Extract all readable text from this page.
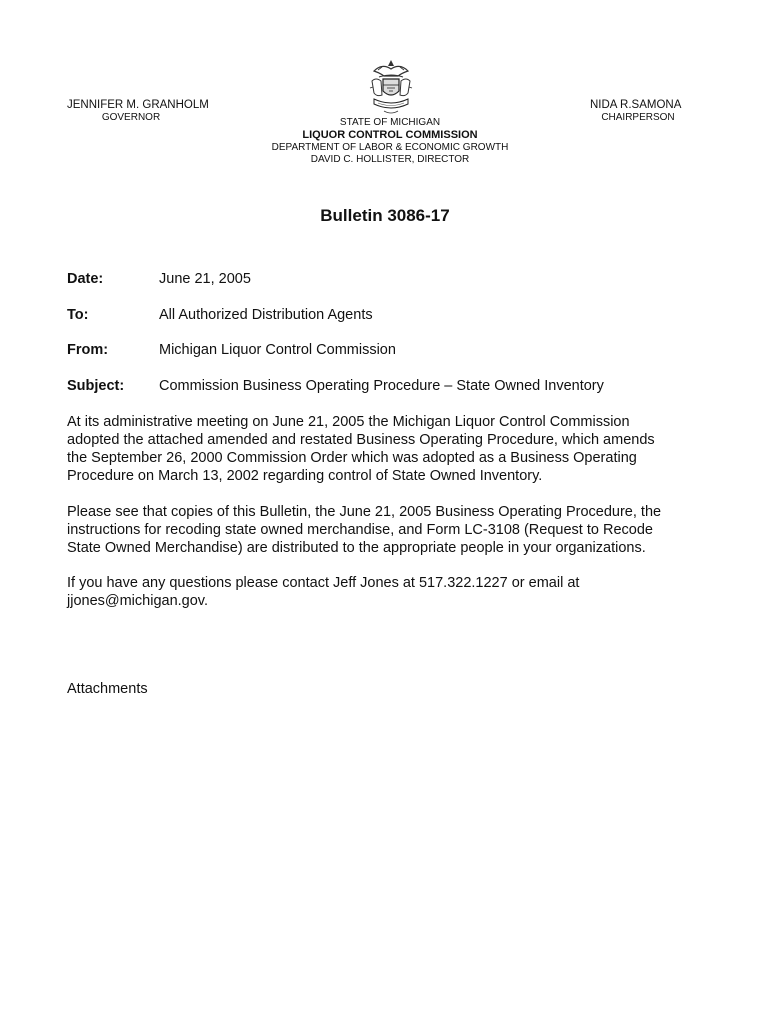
JENNIFER M. GRANHOLM
GOVERNOR	STATE OF MICHIGAN
LIQUOR CONTROL COMMISSION
DEPARTMENT OF LABOR & ECONOMIC GROWTH
DAVID C. HOLLISTER, DIRECTOR
NIDA R.SAMONA
CHAIRPERSON
Bulletin 3086-17
Date:	June 21, 2005
To:	All Authorized Distribution Agents
From:	Michigan Liquor Control Commission
Subject: Commission Business Operating Procedure – State Owned Inventory
At its administrative meeting on June 21, 2005 the Michigan Liquor Control Commission
adopted the attached amended and restated Business Operating Procedure, which amends
the September 26, 2000 Commission Order which was adopted as a Business Operating
Procedure on March 13, 2002 regarding control of State Owned Inventory.
Please see that copies of this Bulletin, the June 21, 2005 Business Operating Procedure, the
instructions for recoding state owned merchandise, and Form LC-3108 (Request to Recode
State Owned Merchandise) are distributed to the appropriate people in your organizations.
If you have any questions please contact Jeff Jones at 517.322.1227 or email at
jjones@michigan.gov.
Attachments
